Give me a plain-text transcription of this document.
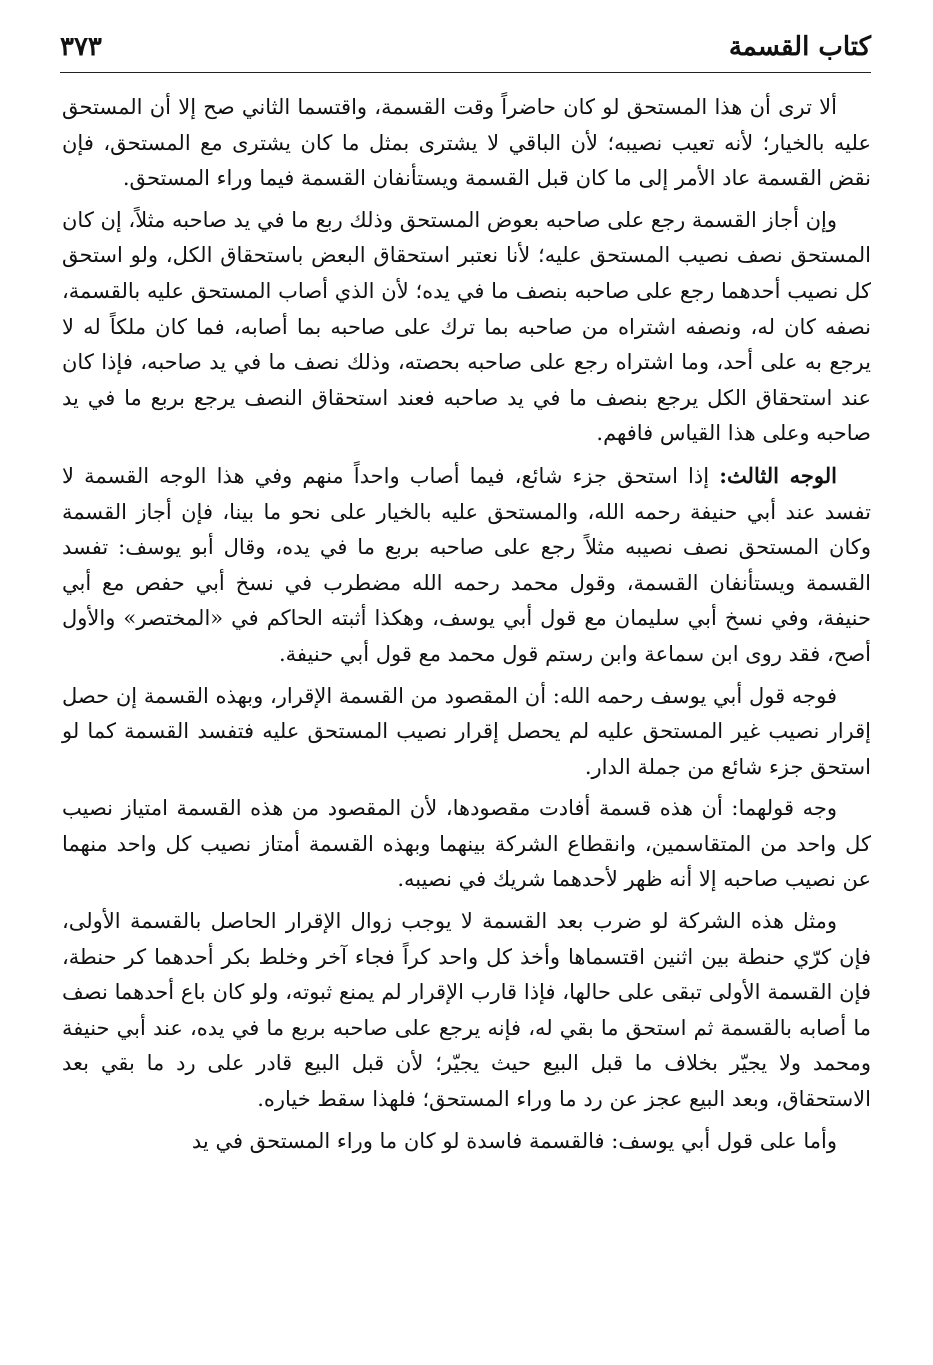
كتاب القسمة
٣٧٣

ألا ترى أن هذا المستحق لو كان حاضراً وقت القسمة، واقتسما الثاني صح إلا أن المستحق عليه بالخيار؛ لأنه تعيب نصيبه؛ لأن الباقي لا يشترى بمثل ما كان يشترى مع المستحق، فإن نقض القسمة عاد الأمر إلى ما كان قبل القسمة ويستأنفان القسمة فيما وراء المستحق.

وإن أجاز القسمة رجع على صاحبه بعوض المستحق وذلك ربع ما في يد صاحبه مثلاً، إن كان المستحق نصف نصيب المستحق عليه؛ لأنا نعتبر استحقاق البعض باستحقاق الكل، ولو استحق كل نصيب أحدهما رجع على صاحبه بنصف ما في يده؛ لأن الذي أصاب المستحق عليه بالقسمة، نصفه كان له، ونصفه اشتراه من صاحبه بما ترك على صاحبه بما أصابه، فما كان ملكاً له لا يرجع به على أحد، وما اشتراه رجع على صاحبه بحصته، وذلك نصف ما في يد صاحبه، فإذا كان عند استحقاق الكل يرجع بنصف ما في يد صاحبه فعند استحقاق النصف يرجع بربع ما في يد صاحبه وعلى هذا القياس فافهم.

الوجه الثالث: إذا استحق جزء شائع، فيما أصاب واحداً منهم وفي هذا الوجه القسمة لا تفسد عند أبي حنيفة رحمه الله، والمستحق عليه بالخيار على نحو ما بينا، فإن أجاز القسمة وكان المستحق نصف نصيبه مثلاً رجع على صاحبه بربع ما في يده، وقال أبو يوسف: تفسد القسمة ويستأنفان القسمة، وقول محمد رحمه الله مضطرب في نسخ أبي حفص مع أبي حنيفة، وفي نسخ أبي سليمان مع قول أبي يوسف، وهكذا أثبته الحاكم في «المختصر» والأول أصح، فقد روى ابن سماعة وابن رستم قول محمد مع قول أبي حنيفة.

فوجه قول أبي يوسف رحمه الله: أن المقصود من القسمة الإقرار، وبهذه القسمة إن حصل إقرار نصيب غير المستحق عليه لم يحصل إقرار نصيب المستحق عليه فتفسد القسمة كما لو استحق جزء شائع من جملة الدار.

وجه قولهما: أن هذه قسمة أفادت مقصودها، لأن المقصود من هذه القسمة امتياز نصيب كل واحد من المتقاسمين، وانقطاع الشركة بينهما وبهذه القسمة أمتاز نصيب كل واحد منهما عن نصيب صاحبه إلا أنه ظهر لأحدهما شريك في نصيبه.

ومثل هذه الشركة لو ضرب بعد القسمة لا يوجب زوال الإقرار الحاصل بالقسمة الأولى، فإن كرّي حنطة بين اثنين اقتسماها وأخذ كل واحد كراً فجاء آخر وخلط بكر أحدهما كر حنطة، فإن القسمة الأولى تبقى على حالها، فإذا قارب الإقرار لم يمنع ثبوته، ولو كان باع أحدهما نصف ما أصابه بالقسمة ثم استحق ما بقي له، فإنه يرجع على صاحبه بربع ما في يده، عند أبي حنيفة ومحمد ولا يجيّر بخلاف ما قبل البيع حيث يجيّر؛ لأن قبل البيع قادر على رد ما بقي بعد الاستحقاق، وبعد البيع عجز عن رد ما وراء المستحق؛ فلهذا سقط خياره.

وأما على قول أبي يوسف: فالقسمة فاسدة لو كان ما وراء المستحق في يد
